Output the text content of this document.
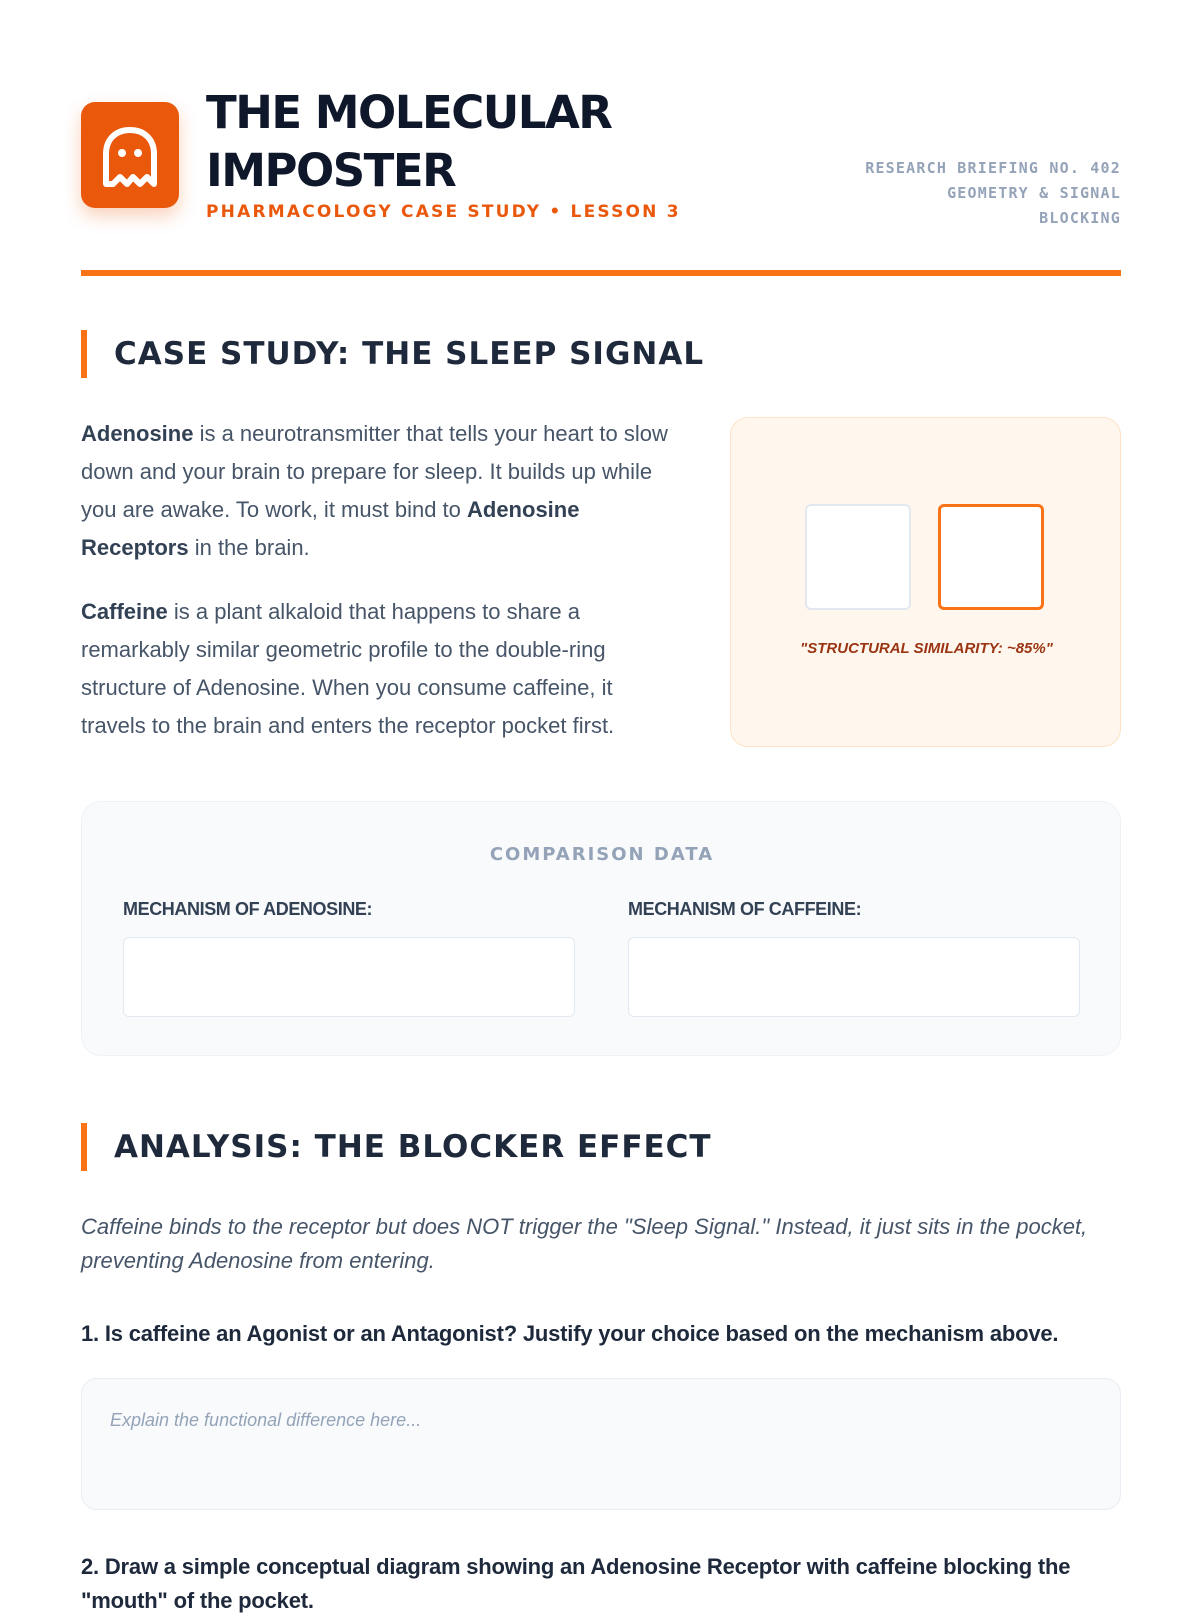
THE MOLECULAR
IMPOSTER
PHARMACOLOGY CASE STUDY • LESSON 3
RESEARCH BRIEFING NO. 402
GEOMETRY & SIGNAL
BLOCKING
CASE STUDY: THE SLEEP SIGNAL

Adenosine is a neurotransmitter that tells your heart to slow down and your brain to prepare for sleep. It builds up while you are awake. To work, it must bind to Adenosine Receptors in the brain.

Caffeine is a plant alkaloid that happens to share a remarkably similar geometric profile to the double-ring structure of Adenosine. When you consume caffeine, it travels to the brain and enters the receptor pocket first.

"STRUCTURAL SIMILARITY: ~85%"
COMPARISON DATA
MECHANISM OF ADENOSINE:	MECHANISM OF CAFFEINE:
ANALYSIS: THE BLOCKER EFFECT
Caffeine binds to the receptor but does NOT trigger the "Sleep Signal." Instead, it just sits in the pocket, preventing Adenosine from entering.
1. Is caffeine an Agonist or an Antagonist? Justify your choice based on the mechanism above.
Explain the functional difference here...
2. Draw a simple conceptual diagram showing an Adenosine Receptor with caffeine blocking the "mouth" of the pocket.
